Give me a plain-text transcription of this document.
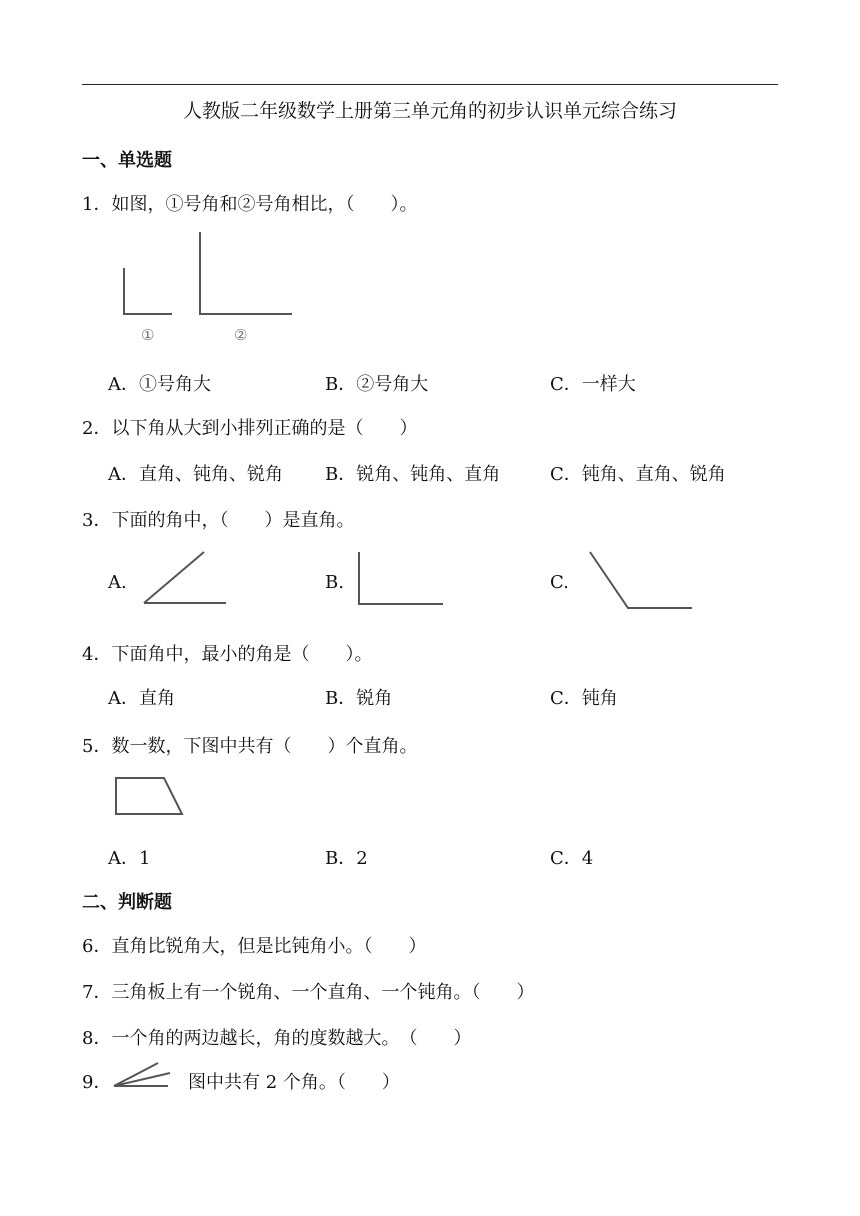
人教版二年级数学上册第三单元角的初步认识单元综合练习
一、单选题
1．如图，①号角和②号角相比，（　　）。
①	②
A．①号角大	B．②号角大	C．一样大
2．以下角从大到小排列正确的是（　　）
A．直角、钝角、锐角 B．锐角、钝角、直角	C．钝角、直角、锐角
3．下面的角中，（　　）是直角。
A.	B.	C.
4．下面角中，最小的角是（　　）。
A．直角	B．锐角	C．钝角
5．数一数，下图中共有（　　）个直角。
A．1	B．2	C．4
二、判断题
6．直角比锐角大，但是比钝角小。（　　）
7．三角板上有一个锐角、一个直角、一个钝角。（　　）
8．一个角的两边越长，角的度数越大。　（　　）
9．	图中共有 2 个角。（　　）
